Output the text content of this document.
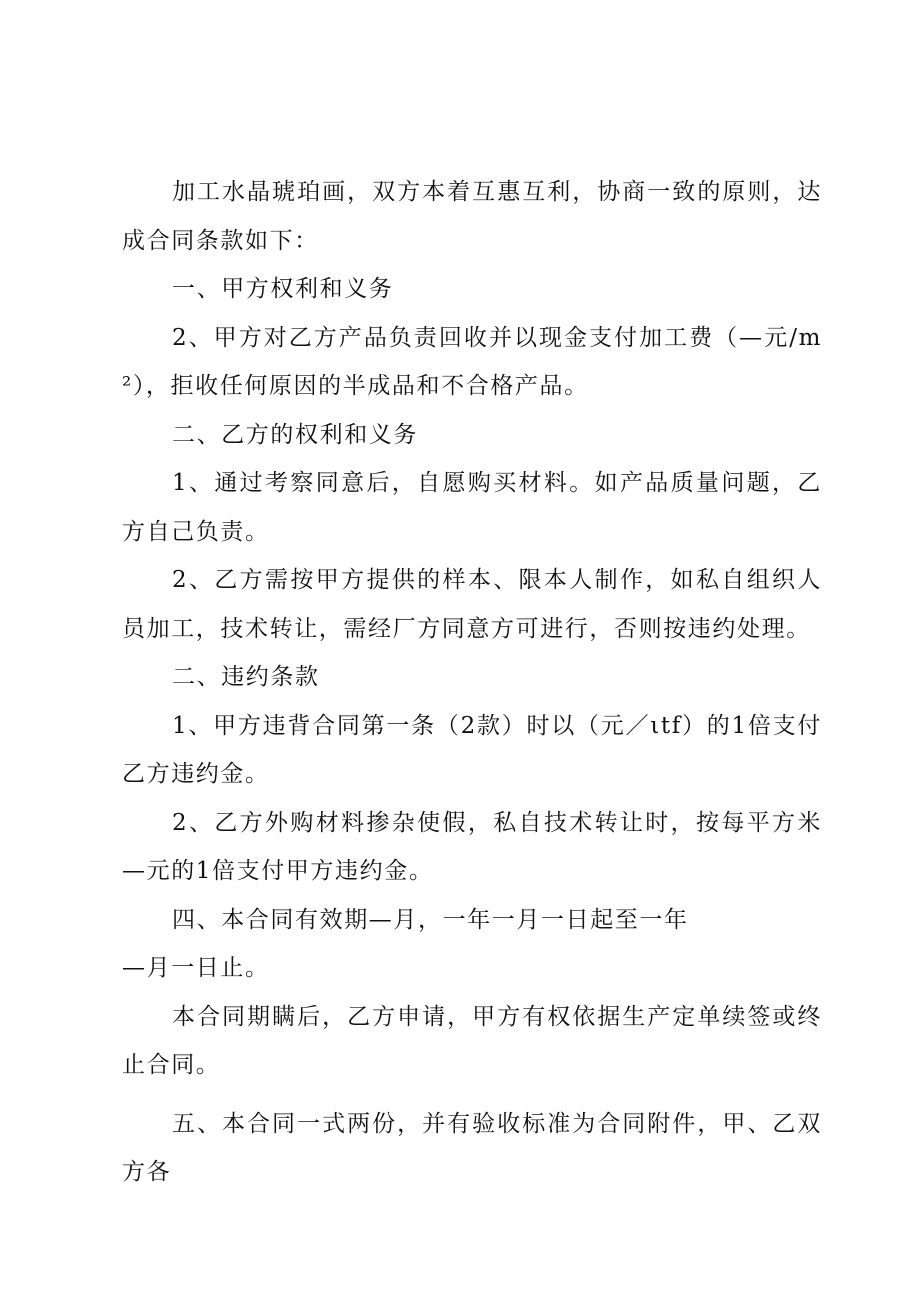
加工水晶琥珀画，双方本着互惠互利，协商一致的原则，达成合同条款如下：

一、甲方权利和义务

2、甲方对乙方产品负责回收并以现金支付加工费（—元/m²），拒收任何原因的半成品和不合格产品。

二、乙方的权利和义务

1、通过考察同意后，自愿购买材料。如产品质量问题，乙方自己负责。

2、乙方需按甲方提供的样本、限本人制作，如私自组织人员加工，技术转让，需经厂方同意方可进行，否则按违约处理。

二、违约条款

1、甲方违背合同第一条（2款）时以（元／ιtf）的1倍支付乙方违约金。

2、乙方外购材料掺杂使假，私自技术转让时，按每平方米—元的1倍支付甲方违约金。

四、本合同有效期—月，一年一月一日起至一年

—月一日止。

本合同期瞒后，乙方申请，甲方有权依据生产定单续签或终止合同。

五、本合同一式两份，并有验收标准为合同附件，甲、乙双方各
